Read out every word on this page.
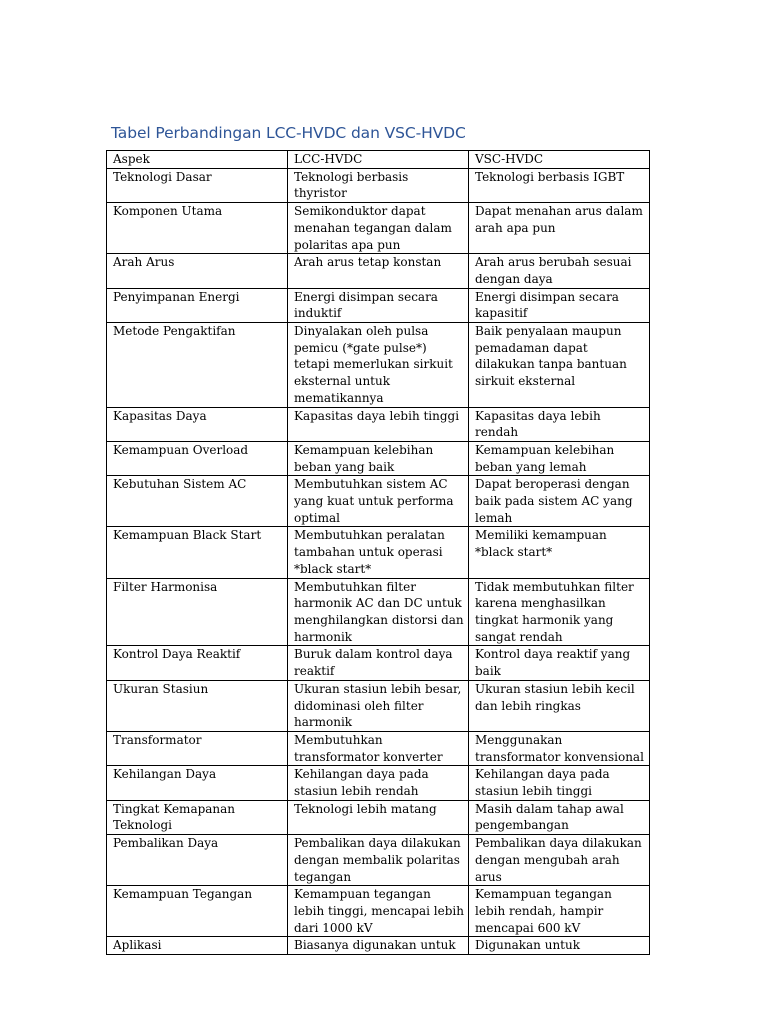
Tabel Perbandingan LCC-HVDC dan VSC-HVDC
Aspek	LCC-HVDC	VSC-HVDC
Teknologi Dasar	Teknologi berbasis thyristor	Teknologi berbasis IGBT
Komponen Utama	Semikonduktor dapat menahan tegangan dalam polaritas apa pun	Dapat menahan arus dalam arah apa pun
Arah Arus	Arah arus tetap konstan	Arah arus berubah sesuai dengan daya
Penyimpanan Energi	Energi disimpan secara induktif	Energi disimpan secara kapasitif
Metode Pengaktifan	Dinyalakan oleh pulsa pemicu (*gate pulse*) tetapi memerlukan sirkuit eksternal untuk mematikannya	Baik penyalaan maupun pemadaman dapat dilakukan tanpa bantuan sirkuit eksternal
Kapasitas Daya	Kapasitas daya lebih tinggi	Kapasitas daya lebih rendah
Kemampuan Overload	Kemampuan kelebihan beban yang baik	Kemampuan kelebihan beban yang lemah
Kebutuhan Sistem AC	Membutuhkan sistem AC yang kuat untuk performa optimal	Dapat beroperasi dengan baik pada sistem AC yang lemah
Kemampuan Black Start	Membutuhkan peralatan tambahan untuk operasi *black start*	Memiliki kemampuan *black start*
Filter Harmonisa	Membutuhkan filter harmonik AC dan DC untuk menghilangkan distorsi dan harmonik	Tidak membutuhkan filter karena menghasilkan tingkat harmonik yang sangat rendah
Kontrol Daya Reaktif	Buruk dalam kontrol daya reaktif	Kontrol daya reaktif yang baik
Ukuran Stasiun	Ukuran stasiun lebih besar, didominasi oleh filter harmonik	Ukuran stasiun lebih kecil dan lebih ringkas
Transformator	Membutuhkan transformator konverter	Menggunakan transformator konvensional
Kehilangan Daya	Kehilangan daya pada stasiun lebih rendah	Kehilangan daya pada stasiun lebih tinggi
Tingkat Kemapanan Teknologi	Teknologi lebih matang	Masih dalam tahap awal pengembangan
Pembalikan Daya	Pembalikan daya dilakukan dengan membalik polaritas tegangan	Pembalikan daya dilakukan dengan mengubah arah arus
Kemampuan Tegangan	Kemampuan tegangan lebih tinggi, mencapai lebih dari 1000 kV	Kemampuan tegangan lebih rendah, hampir mencapai 600 kV
Aplikasi	Biasanya digunakan untuk	Digunakan untuk
